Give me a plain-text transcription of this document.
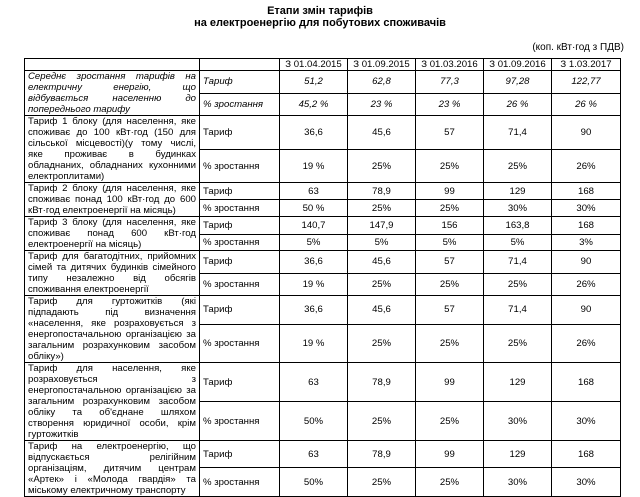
Етапи змін тарифів
на електроенергію для побутових споживачів
(коп. кВт·год з ПДВ)
		З 01.04.2015	З 01.09.2015	З 01.03.2016	З 01.09.2016	З 1.03.2017
Середнє зростання тарифів на електричну енергію, що відбувається населенню до попереднього тарифу	Тариф	51,2	62,8	77,3	97,28	122,77
	% зростання	45,2 %	23 %	23 %	26 %	26 %
Тариф 1 блоку (для населення, яке споживає до 100 кВт·год (150 для сільської місцевості)(у тому числі, яке проживає в будинках обладнаних, обладнаних кухонними електроплитами)	Тариф	36,6	45,6	57	71,4	90
	% зростання	19 %	25%	25%	25%	26%
Тариф 2 блоку (для населення, яке споживає понад 100 кВт·год до 600 кВт·год електроенергії на місяць)	Тариф	63	78,9	99	129	168
	% зростання	50 %	25%	25%	30%	30%
Тариф 3 блоку (для населення, яке споживає понад 600 кВт·год електроенергії на місяць)	Тариф	140,7	147,9	156	163,8	168
	% зростання	5%	5%	5%	5%	3%
Тариф для багатодітних, прийомних сімей та дитячих будинків сімейного типу незалежно від обсягів споживання електроенергії	Тариф	36,6	45,6	57	71,4	90
	% зростання	19 %	25%	25%	25%	26%
Тариф для гуртожитків (які підпадають під визначення «населення, яке розраховується з енергопостачальною організацією за загальним розрахунковим засобом обліку»)	Тариф	36,6	45,6	57	71,4	90
	% зростання	19 %	25%	25%	25%	26%
Тариф для населення, яке розраховується з енергопостачальною організацією за загальним розрахунковим засобом обліку та об'єднане шляхом створення юридичної особи, крім гуртожитків	Тариф	63	78,9	99	129	168
	% зростання	50%	25%	25%	30%	30%
Тариф на електроенергію, що відпускається релігійним організаціям, дитячим центрам «Артек» і «Молода гвардія» та міському електричному транспорту	Тариф	63	78,9	99	129	168
	% зростання	50%	25%	25%	30%	30%
